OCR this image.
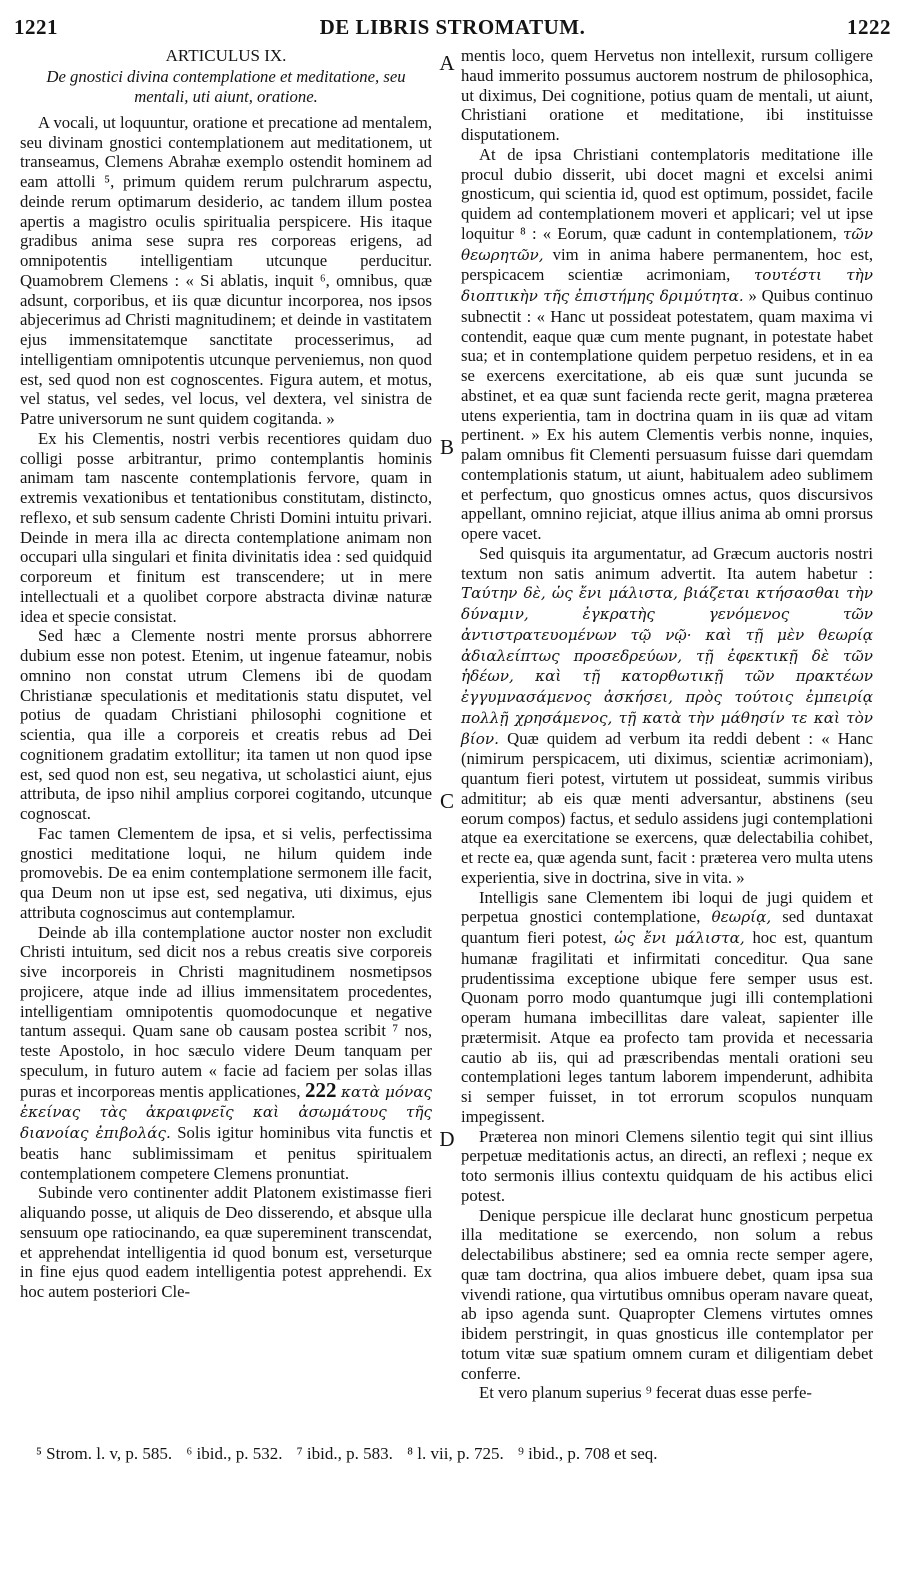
1221	DE LIBRIS STROMATUM.	1222
ARTICULUS IX.
De gnostici divina contemplatione et meditatione, seu mentali, uti aiunt, oratione.

A vocali, ut loquuntur, oratione et precatione ad mentalem, seu divinam gnostici contemplationem aut meditationem, ut transeamus, Clemens Abrahæ exemplo ostendit hominem ad eam attolli ⁵, primum quidem rerum pulchrarum aspectu, deinde rerum optimarum desiderio, ac tandem illum postea apertis a magistro oculis spiritualia perspicere. His itaque gradibus anima sese supra res corporeas erigens, ad omnipotentis intelligentiam utcunque perducitur. Quamobrem Clemens : « Si ablatis, inquit ⁶, omnibus, quæ adsunt, corporibus, et iis quæ dicuntur incorporea, nos ipsos abjecerimus ad Christi magnitudinem; et deinde in vastitatem ejus immensitatemque sanctitate processerimus, ad intelligentiam omnipotentis utcunque perveniemus, non quod est, sed quod non est cognoscentes. Figura autem, et motus, vel status, vel sedes, vel locus, vel dextera, vel sinistra de Patre universorum ne sunt quidem cogitanda. »

Ex his Clementis, nostri verbis recentiores quidam duo colligi posse arbitrantur, primo contemplantis hominis animam tam nascente contemplationis fervore, quam in extremis vexationibus et tentationibus constitutam, distincto, reflexo, et sub sensum cadente Christi Domini intuitu privari. Deinde in mera illa ac directa contemplatione animam non occupari ulla singulari et finita divinitatis idea : sed quidquid corporeum et finitum est transcendere; ut in mere intellectuali et a quolibet corpore abstracta divinæ naturæ idea et specie consistat.

Sed hæc a Clemente nostri mente prorsus abhorrere dubium esse non potest. Etenim, ut ingenue fateamur, nobis omnino non constat utrum Clemens ibi de quodam Christianæ speculationis et meditationis statu disputet, vel potius de quadam Christiani philosophi cognitione et scientia, qua ille a corporeis et creatis rebus ad Dei cognitionem gradatim extollitur; ita tamen ut non quod ipse est, sed quod non est, seu negativa, ut scholastici aiunt, ejus attributa, de ipso nihil amplius corporei cogitando, utcunque cognoscat.

Fac tamen Clementem de ipsa, et si velis, perfectissima gnostici meditatione loqui, ne hilum quidem inde promovebis. De ea enim contemplatione sermonem ille facit, qua Deum non ut ipse est, sed negativa, uti diximus, ejus attributa cognoscimus aut contemplamur.

Deinde ab illa contemplatione auctor noster non excludit Christi intuitum, sed dicit nos a rebus creatis sive corporeis sive incorporeis in Christi magnitudinem nosmetipsos projicere, atque inde ad illius immensitatem procedentes, intelligentiam omnipotentis quomodocunque et negative tantum assequi. Quam sane ob causam postea scribit ⁷ nos, teste Apostolo, in hoc sæculo videre Deum tanquam per speculum, in futuro autem « facie ad faciem per solas illas puras et incorporeas mentis applicationes, 222 κατὰ μόνας ἐκείνας τὰς ἀκραιφνεῖς καὶ ἀσωμάτους τῆς διανοίας ἐπιβολάς. Solis igitur hominibus vita functis et beatis hanc sublimissimam et penitus spiritualem contemplationem competere Clemens pronuntiat.

Subinde vero continenter addit Platonem existimasse fieri aliquando posse, ut aliquis de Deo disserendo, et absque ulla sensuum ope ratiocinando, ea quæ supereminent transcendat, et apprehendat intelligentia id quod bonum est, verseturque in fine ejus quod eadem intelligentia potest apprehendi. Ex hoc autem posteriori Cle-

A
B
C
D

mentis loco, quem Hervetus non intellexit, rursum colligere haud immerito possumus auctorem nostrum de philosophica, ut diximus, Dei cognitione, potius quam de mentali, ut aiunt, Christiani orationе et meditatione, ibi instituisse disputationem.

At de ipsa Christiani contemplatoris meditatione ille procul dubio disserit, ubi docet magni et excelsi animi gnosticum, qui scientia id, quod est optimum, possidet, facile quidem ad contemplationem moveri et applicari; vel ut ipse loquitur ⁸ : « Eorum, quæ cadunt in contemplationem, τῶν θεωρητῶν, vim in anima habere permanentem, hoc est, perspicacem scientiæ acrimoniam, τουτέστι τὴν διοπτικὴν τῆς ἐπιστήμης δριμύτητα. » Quibus continuo subnectit : « Hanc ut possideat potestatem, quam maxima vi contendit, eaque quæ cum mente pugnant, in potestate habet sua; et in contemplatione quidem perpetuo residens, et in ea se exercens exercitatione, ab eis quæ sunt jucunda se abstinet, et ea quæ sunt facienda recte gerit, magna præterea utens experientia, tam in doctrina quam in iis quæ ad vitam pertinent. » Ex his autem Clementis verbis nonne, inquies, palam omnibus fit Clementi persuasum fuisse dari quemdam contemplationis statum, ut aiunt, habitualem adeo sublimem et perfectum, quo gnosticus omnes actus, quos discursivos appellant, omnino rejiciat, atque illius anima ab omni prorsus opere vacet.

Sed quisquis ita argumentatur, ad Græcum auctoris nostri textum non satis animum advertit. Ita autem habetur : Ταύτην δὲ, ὡς ἔνι μάλιστα, βιάζεται κτήσασθαι τὴν δύναμιν, ἐγκρατὴς γενόμενος τῶν ἀντιστρατευομένων τῷ νῷ· καὶ τῇ μὲν θεωρίᾳ ἀδιαλείπτως προσεδρεύων, τῇ ἐφεκτικῇ δὲ τῶν ἡδέων, καὶ τῇ κατορθωτικῇ τῶν πρακτέων ἐγγυμνασάμενος ἀσκήσει, πρὸς τούτοις ἐμπειρίᾳ πολλῇ χρησάμενος, τῇ κατὰ τὴν μάθησίν τε καὶ τὸν βίον. Quæ quidem ad verbum ita reddi debent : « Hanc (nimirum perspicacem, uti diximus, scientiæ acrimoniam), quantum fieri potest, virtutem ut possideat, summis viribus admititur; ab eis quæ menti adversantur, abstinens (seu eorum compos) factus, et sedulo assidens jugi contemplationi atque ea exercitatione se exercens, quæ delectabilia cohibet, et recte ea, quæ agenda sunt, facit : præterea vero multa utens experientia, sive in doctrina, sive in vita. »

Intelligis sane Clementem ibi loqui de jugi quidem et perpetua gnostici contemplatione, θεωρίᾳ, sed duntaxat quantum fieri potest, ὡς ἔνι μάλιστα, hoc est, quantum humanæ fragilitati et infirmitati conceditur. Qua sane prudentissima exceptione ubique fere semper usus est. Quonam porro modo quantumque jugi illi contemplationi operam humana imbecillitas dare valeat, sapienter ille prætermisit. Atque ea profecto tam provida et necessaria cautio ab iis, qui ad præscribendas mentali orationi seu contemplationi leges tantum laborem impenderunt, adhibita si semper fuisset, in tot errorum scopulos nunquam impegissent.

Præterea non minori Clemens silentio tegit qui sint illius perpetuæ meditationis actus, an directi, an reflexi ; neque ex toto sermonis illius contextu quidquam de his actibus elici potest.

Denique perspicue ille declarat hunc gnosticum perpetua illa meditatione se exercendo, non solum a rebus delectabilibus abstinere; sed ea omnia recte semper agere, quæ tam doctrina, qua alios imbuere debet, quam ipsa sua vivendi ratione, qua virtutibus omnibus operam navare queat, ab ipso agenda sunt. Quapropter Clemens virtutes omnes ibidem perstringit, in quas gnosticus ille contemplator per totum vitæ suæ spatium omnem curam et diligentiam debet conferre.

Et vero planum superius ⁹ fecerat duas esse perfe-

⁵ Strom. l. v, p. 585. ⁶ ibid., p. 532. ⁷ ibid., p. 583. ⁸ l. vii, p. 725. ⁹ ibid., p. 708 et seq.
